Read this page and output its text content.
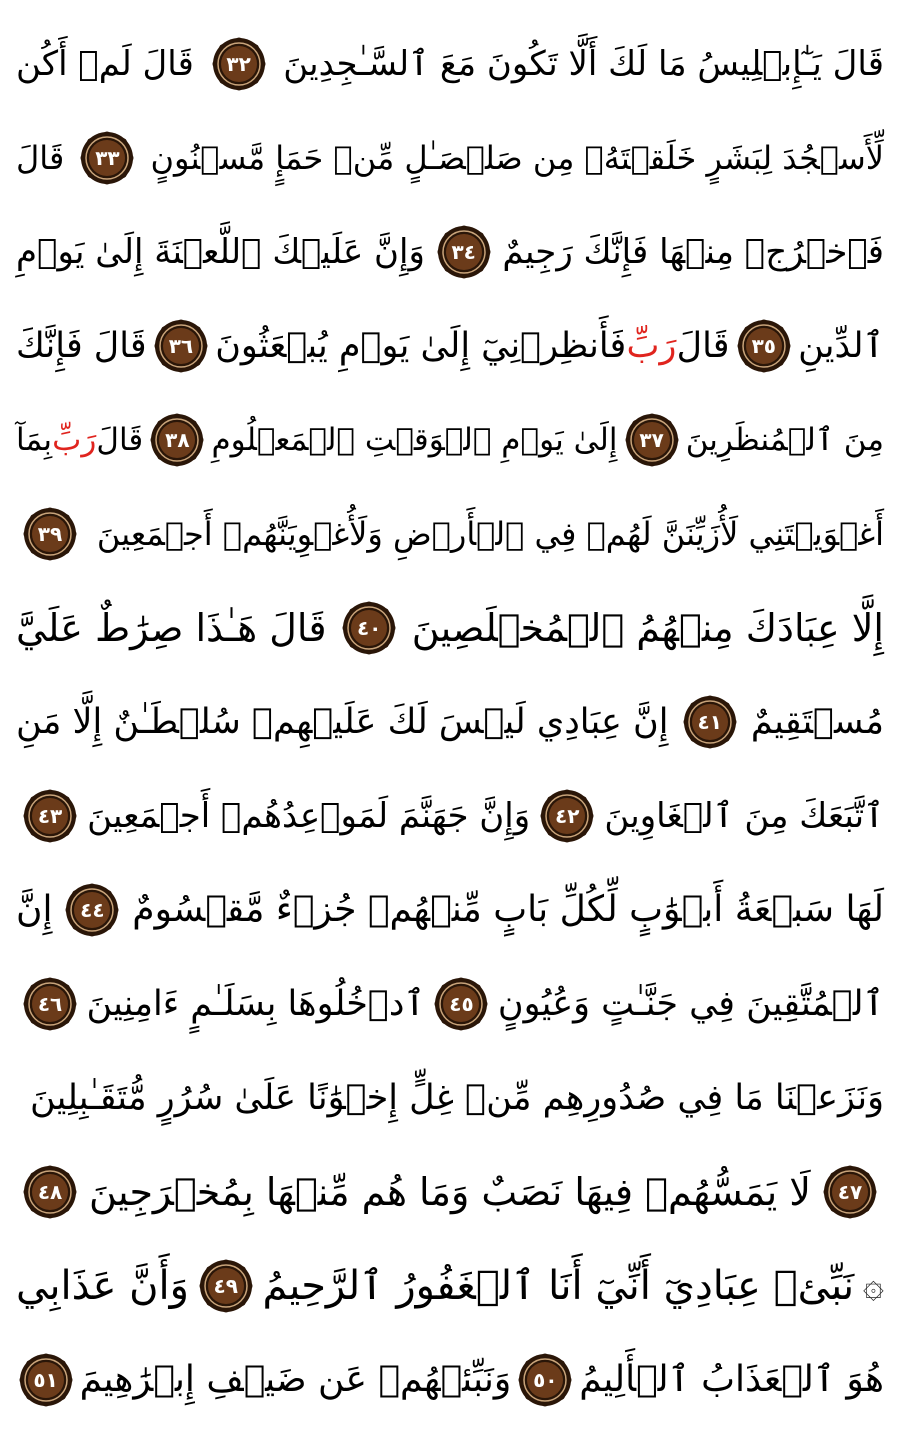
قَالَ يَـٰٓإِبۡلِيسُ مَا لَكَ أَلَّا تَكُونَ مَعَ ٱلسَّـٰجِدِينَ
٣٢
قَالَ لَمۡ أَكُن
لِّأَسۡجُدَ لِبَشَرٍ خَلَقۡتَهُۥ مِن صَلۡصَـٰلٍ مِّنۡ حَمَإٍ مَّسۡنُونٍ
٣٣
قَالَ
فَٱخۡرُجۡ مِنۡهَا فَإِنَّكَ رَجِيمٌ
٣٤
وَإِنَّ عَلَيۡكَ ٱللَّعۡنَةَ إِلَىٰ يَوۡمِ
ٱلدِّينِ
٣٥
قَالَ
رَبِّ
فَأَنظِرۡنِيٓ إِلَىٰ يَوۡمِ يُبۡعَثُونَ
٣٦
قَالَ فَإِنَّكَ
مِنَ ٱلۡمُنظَرِينَ
٣٧
إِلَىٰ يَوۡمِ ٱلۡوَقۡتِ ٱلۡمَعۡلُومِ
٣٨
قَالَ
رَبِّ
بِمَآ
أَغۡوَيۡتَنِي لَأُزَيِّنَنَّ لَهُمۡ فِي ٱلۡأَرۡضِ وَلَأُغۡوِيَنَّهُمۡ أَجۡمَعِينَ
٣٩
إِلَّا عِبَادَكَ مِنۡهُمُ ٱلۡمُخۡلَصِينَ
٤٠
قَالَ هَـٰذَا صِرَٰطٌ عَلَيَّ
مُسۡتَقِيمٌ
٤١
إِنَّ عِبَادِي لَيۡسَ لَكَ عَلَيۡهِمۡ سُلۡطَـٰنٌ إِلَّا مَنِ
ٱتَّبَعَكَ مِنَ ٱلۡغَاوِينَ
٤٢
وَإِنَّ جَهَنَّمَ لَمَوۡعِدُهُمۡ أَجۡمَعِينَ
٤٣
لَهَا سَبۡعَةُ أَبۡوَٰبٍ لِّكُلِّ بَابٍ مِّنۡهُمۡ جُزۡءٌ مَّقۡسُومٌ
٤٤
إِنَّ
ٱلۡمُتَّقِينَ فِي جَنَّـٰتٍ وَعُيُونٍ
٤٥
ٱدۡخُلُوهَا بِسَلَـٰمٍ ءَامِنِينَ
٤٦
وَنَزَعۡنَا مَا فِي صُدُورِهِم مِّنۡ غِلٍّ إِخۡوَٰنًا عَلَىٰ سُرُرٍ مُّتَقَـٰبِلِينَ
٤٧
لَا يَمَسُّهُمۡ فِيهَا نَصَبٌ وَمَا هُم مِّنۡهَا بِمُخۡرَجِينَ
٤٨
۞
نَبِّئۡ عِبَادِيٓ أَنِّيٓ أَنَا ٱلۡغَفُورُ ٱلرَّحِيمُ
٤٩
وَأَنَّ عَذَابِي
هُوَ ٱلۡعَذَابُ ٱلۡأَلِيمُ
٥٠
وَنَبِّئۡهُمۡ عَن ضَيۡفِ إِبۡرَٰهِيمَ
٥١
